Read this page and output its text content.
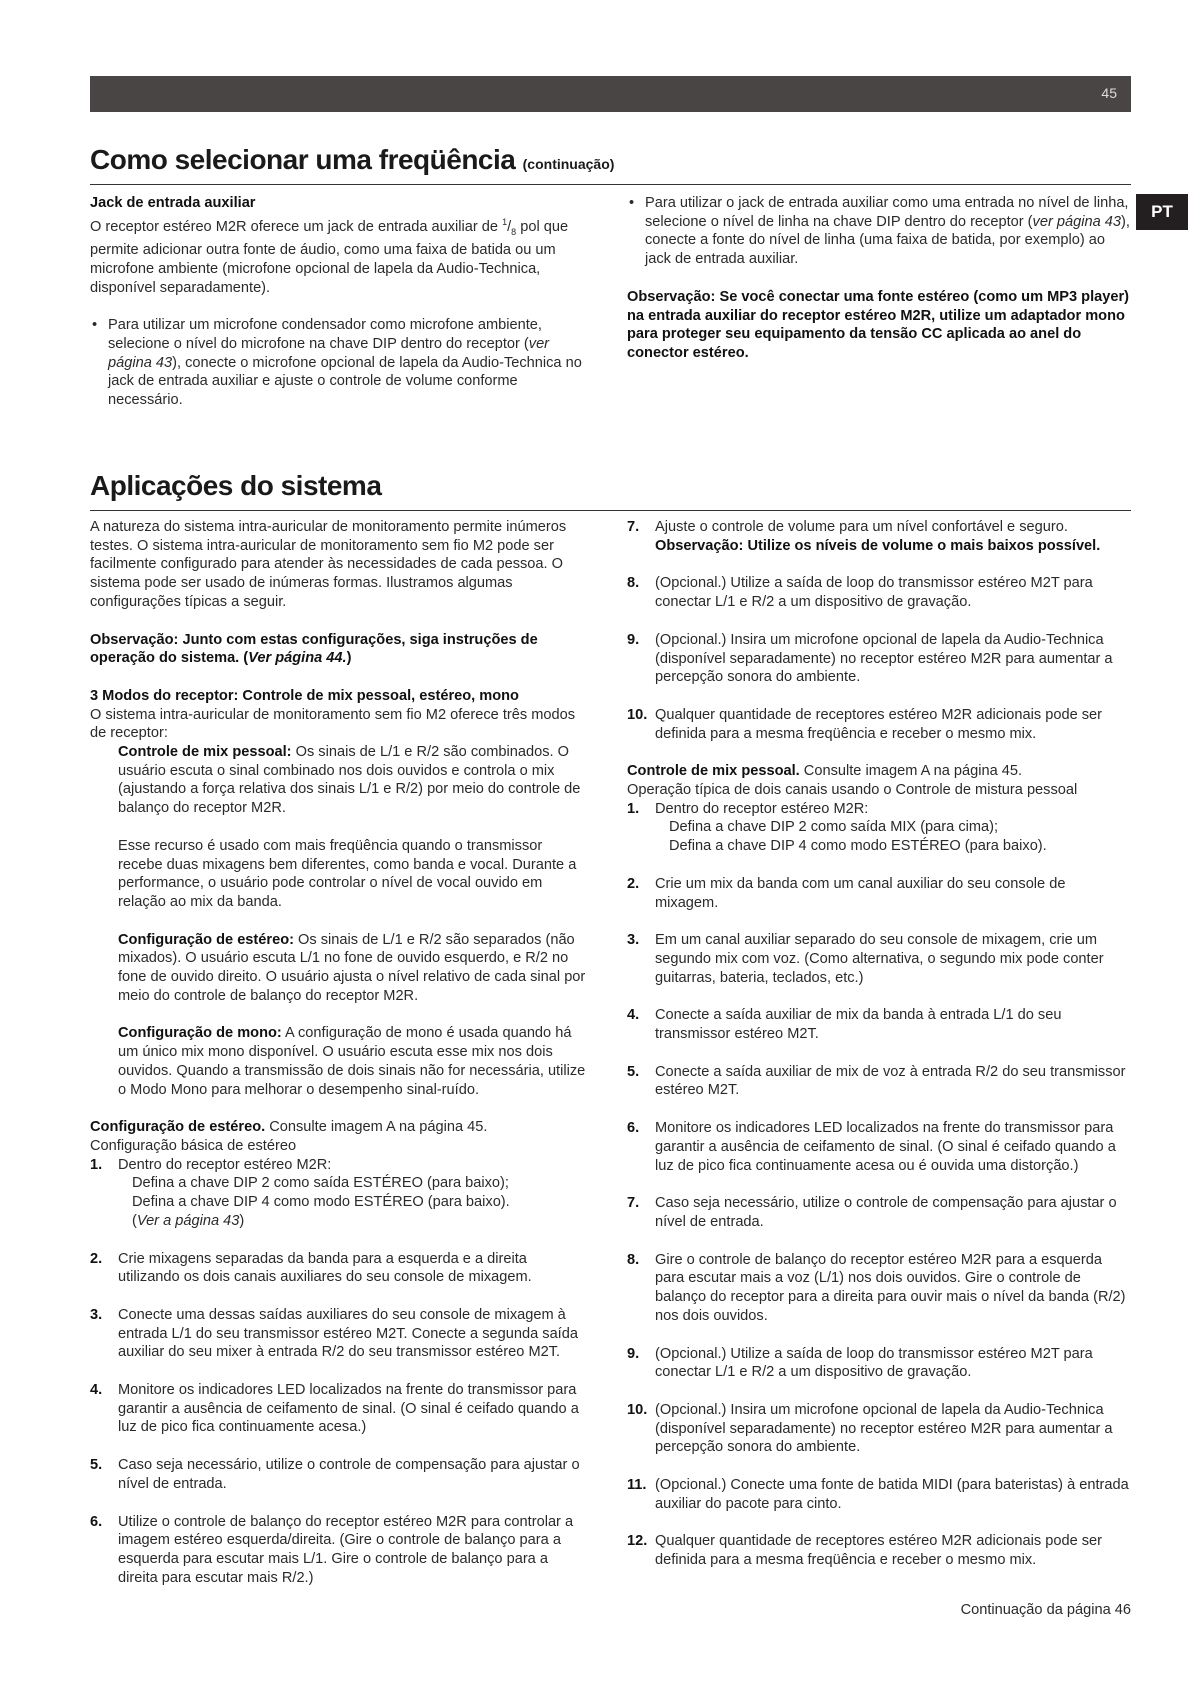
45
PT
Como selecionar uma freqüência (continuação)
Jack de entrada auxiliar
O receptor estéreo M2R oferece um jack de entrada auxiliar de $^1/_8$ pol que permite adicionar outra fonte de áudio, como uma faixa de batida ou um microfone ambiente (microfone opcional de lapela da Audio-Technica, disponível separadamente).
• Para utilizar um microfone condensador como microfone ambiente, selecione o nível do microfone na chave DIP dentro do receptor (ver página 43), conecte o microfone opcional de lapela da Audio-Technica no jack de entrada auxiliar e ajuste o controle de volume conforme necessário.
• Para utilizar o jack de entrada auxiliar como uma entrada no nível de linha, selecione o nível de linha na chave DIP dentro do receptor (ver página 43), conecte a fonte do nível de linha (uma faixa de batida, por exemplo) ao jack de entrada auxiliar.

Observação: Se você conectar uma fonte estéreo (como um MP3 player) na entrada auxiliar do receptor estéreo M2R, utilize um adaptador mono para proteger seu equipamento da tensão CC aplicada ao anel do conector estéreo.

Aplicações do sistema

A natureza do sistema intra-auricular de monitoramento permite inúmeros testes. O sistema intra-auricular de monitoramento sem fio M2 pode ser facilmente configurado para atender às necessidades de cada pessoa. O sistema pode ser usado de inúmeras formas. Ilustramos algumas configurações típicas a seguir.

Observação: Junto com estas configurações, siga instruções de operação do sistema. (Ver página 44.)

3 Modos do receptor: Controle de mix pessoal, estéreo, mono
O sistema intra-auricular de monitoramento sem fio M2 oferece três modos de receptor:

Controle de mix pessoal: Os sinais de L/1 e R/2 são combinados. O usuário escuta o sinal combinado nos dois ouvidos e controla o mix (ajustando a força relativa dos sinais L/1 e R/2) por meio do controle de balanço do receptor M2R.

Esse recurso é usado com mais freqüência quando o transmissor recebe duas mixagens bem diferentes, como banda e vocal. Durante a performance, o usuário pode controlar o nível de vocal ouvido em relação ao mix da banda.

Configuração de estéreo: Os sinais de L/1 e R/2 são separados (não mixados). O usuário escuta L/1 no fone de ouvido esquerdo, e R/2 no fone de ouvido direito. O usuário ajusta o nível relativo de cada sinal por meio do controle de balanço do receptor M2R.

Configuração de mono: A configuração de mono é usada quando há um único mix mono disponível. O usuário escuta esse mix nos dois ouvidos. Quando a transmissão de dois sinais não for necessária, utilize o Modo Mono para melhorar o desempenho sinal-ruído.

Configuração de estéreo. Consulte imagem A na página 45.
Configuração básica de estéreo
1. Dentro do receptor estéreo M2R:

Defina a chave DIP 2 como saída ESTÉREO (para baixo);
Defina a chave DIP 4 como modo ESTÉREO (para baixo).
(Ver a página 43)
2. Crie mixagens separadas da banda para a esquerda e a direita utilizando os dois canais auxiliares do seu console de mixagem.
3. Conecte uma dessas saídas auxiliares do seu console de mixagem à entrada L/1 do seu transmissor estéreo M2T. Conecte a segunda saída auxiliar do seu mixer à entrada R/2 do seu transmissor estéreo M2T.
4. Monitore os indicadores LED localizados na frente do transmissor para garantir a ausência de ceifamento de sinal. (O sinal é ceifado quando a luz de pico fica continuamente acesa.)
5. Caso seja necessário, utilize o controle de compensação para ajustar o nível de entrada.
6. Utilize o controle de balanço do receptor estéreo M2R para controlar a imagem estéreo esquerda/direita. (Gire o controle de balanço para a esquerda para escutar mais L/1. Gire o controle de balanço para a direita para escutar mais R/2.)
7. Ajuste o controle de volume para um nível confortável e seguro.
Observação: Utilize os níveis de volume o mais baixos possível.
8. (Opcional.) Utilize a saída de loop do transmissor estéreo M2T para conectar L/1 e R/2 a um dispositivo de gravação.
9. (Opcional.) Insira um microfone opcional de lapela da Audio-Technica (disponível separadamente) no receptor estéreo M2R para aumentar a percepção sonora do ambiente.
10. Qualquer quantidade de receptores estéreo M2R adicionais pode ser definida para a mesma freqüência e receber o mesmo mix.
Controle de mix pessoal. Consulte imagem A na página 45.
Operação típica de dois canais usando o Controle de mistura pessoal
1. Dentro do receptor estéreo M2R:

Defina a chave DIP 2 como saída MIX (para cima);
Defina a chave DIP 4 como modo ESTÉREO (para baixo).
2. Crie um mix da banda com um canal auxiliar do seu console de mixagem.
3. Em um canal auxiliar separado do seu console de mixagem, crie um segundo mix com voz. (Como alternativa, o segundo mix pode conter guitarras, bateria, teclados, etc.)
4. Conecte a saída auxiliar de mix da banda à entrada L/1 do seu transmissor estéreo M2T.
5. Conecte a saída auxiliar de mix de voz à entrada R/2 do seu transmissor estéreo M2T.
6. Monitore os indicadores LED localizados na frente do transmissor para garantir a ausência de ceifamento de sinal. (O sinal é ceifado quando a luz de pico fica continuamente acesa ou é ouvida uma distorção.)
7. Caso seja necessário, utilize o controle de compensação para ajustar o nível de entrada.
8. Gire o controle de balanço do receptor estéreo M2R para a esquerda para escutar mais a voz (L/1) nos dois ouvidos. Gire o controle de balanço do receptor para a direita para ouvir mais o nível da banda (R/2) nos dois ouvidos.
9. (Opcional.) Utilize a saída de loop do transmissor estéreo M2T para conectar L/1 e R/2 a um dispositivo de gravação.
10. (Opcional.) Insira um microfone opcional de lapela da Audio-Technica (disponível separadamente) no receptor estéreo M2R para aumentar a percepção sonora do ambiente.
11. (Opcional.) Conecte uma fonte de batida MIDI (para bateristas) à entrada auxiliar do pacote para cinto.
12. Qualquer quantidade de receptores estéreo M2R adicionais pode ser definida para a mesma freqüência e receber o mesmo mix.
Continuação da página 46
